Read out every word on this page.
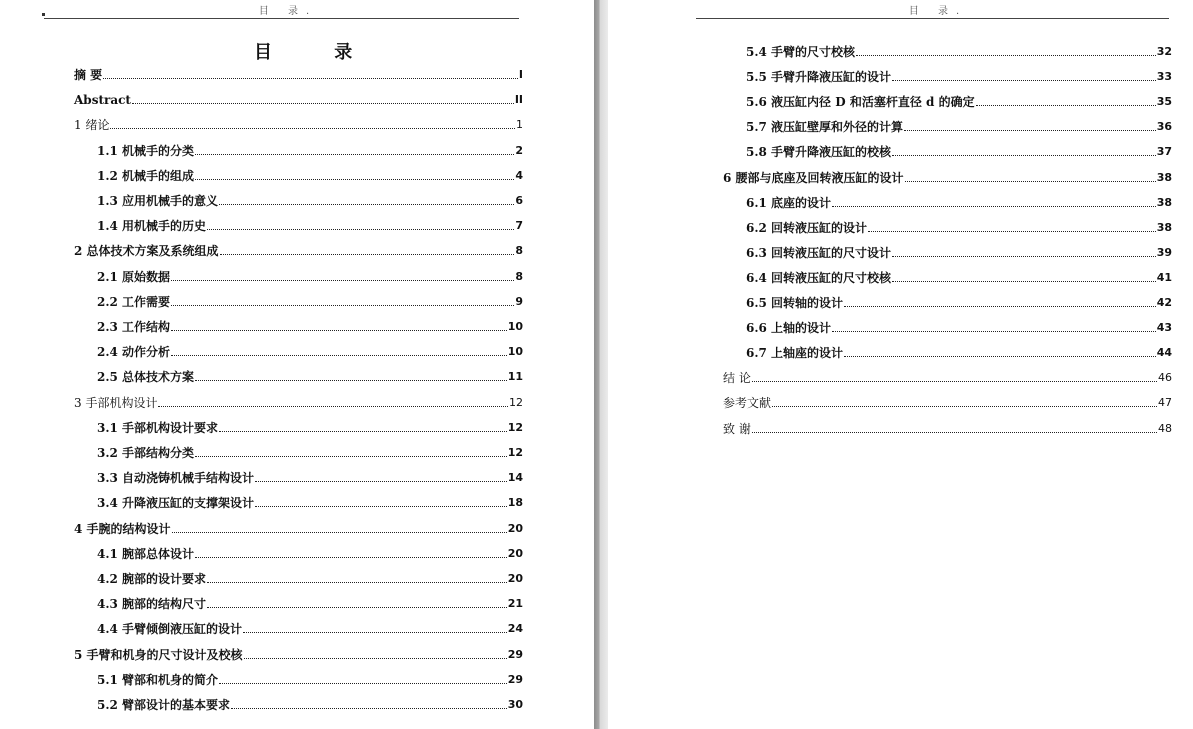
目 录.
目 录
摘 要	I
Abstract	II
1 绪论	1
1.1 机械手的分类	2
1.2 机械手的组成	4
1.3 应用机械手的意义	6
1.4 用机械手的历史	7
2 总体技术方案及系统组成	8
2.1 原始数据	8
2.2 工作需要	9
2.3 工作结构	10
2.4 动作分析	10
2.5 总体技术方案	11
3 手部机构设计	12
3.1 手部机构设计要求	12
3.2 手部结构分类	12
3.3 自动浇铸机械手结构设计	14
3.4 升降液压缸的支撑架设计	18
4 手腕的结构设计	20
4.1 腕部总体设计	20
4.2 腕部的设计要求	20
4.3 腕部的结构尺寸	21
4.4 手臂倾倒液压缸的设计	24
5 手臂和机身的尺寸设计及校核	29
5.1 臂部和机身的简介	29
5.2 臂部设计的基本要求	30
目 录.
5.4 手臂的尺寸校核	32
5.5 手臂升降液压缸的设计	33
5.6 液压缸内径 D 和活塞杆直径 d 的确定	35
5.7 液压缸壁厚和外径的计算	36
5.8 手臂升降液压缸的校核	37
6 腰部与底座及回转液压缸的设计	38
6.1 底座的设计	38
6.2 回转液压缸的设计	38
6.3 回转液压缸的尺寸设计	39
6.4 回转液压缸的尺寸校核	41
6.5 回转轴的设计	42
6.6 上轴的设计	43
6.7 上轴座的设计	44
结 论	46
参考文献	47
致 谢	48
